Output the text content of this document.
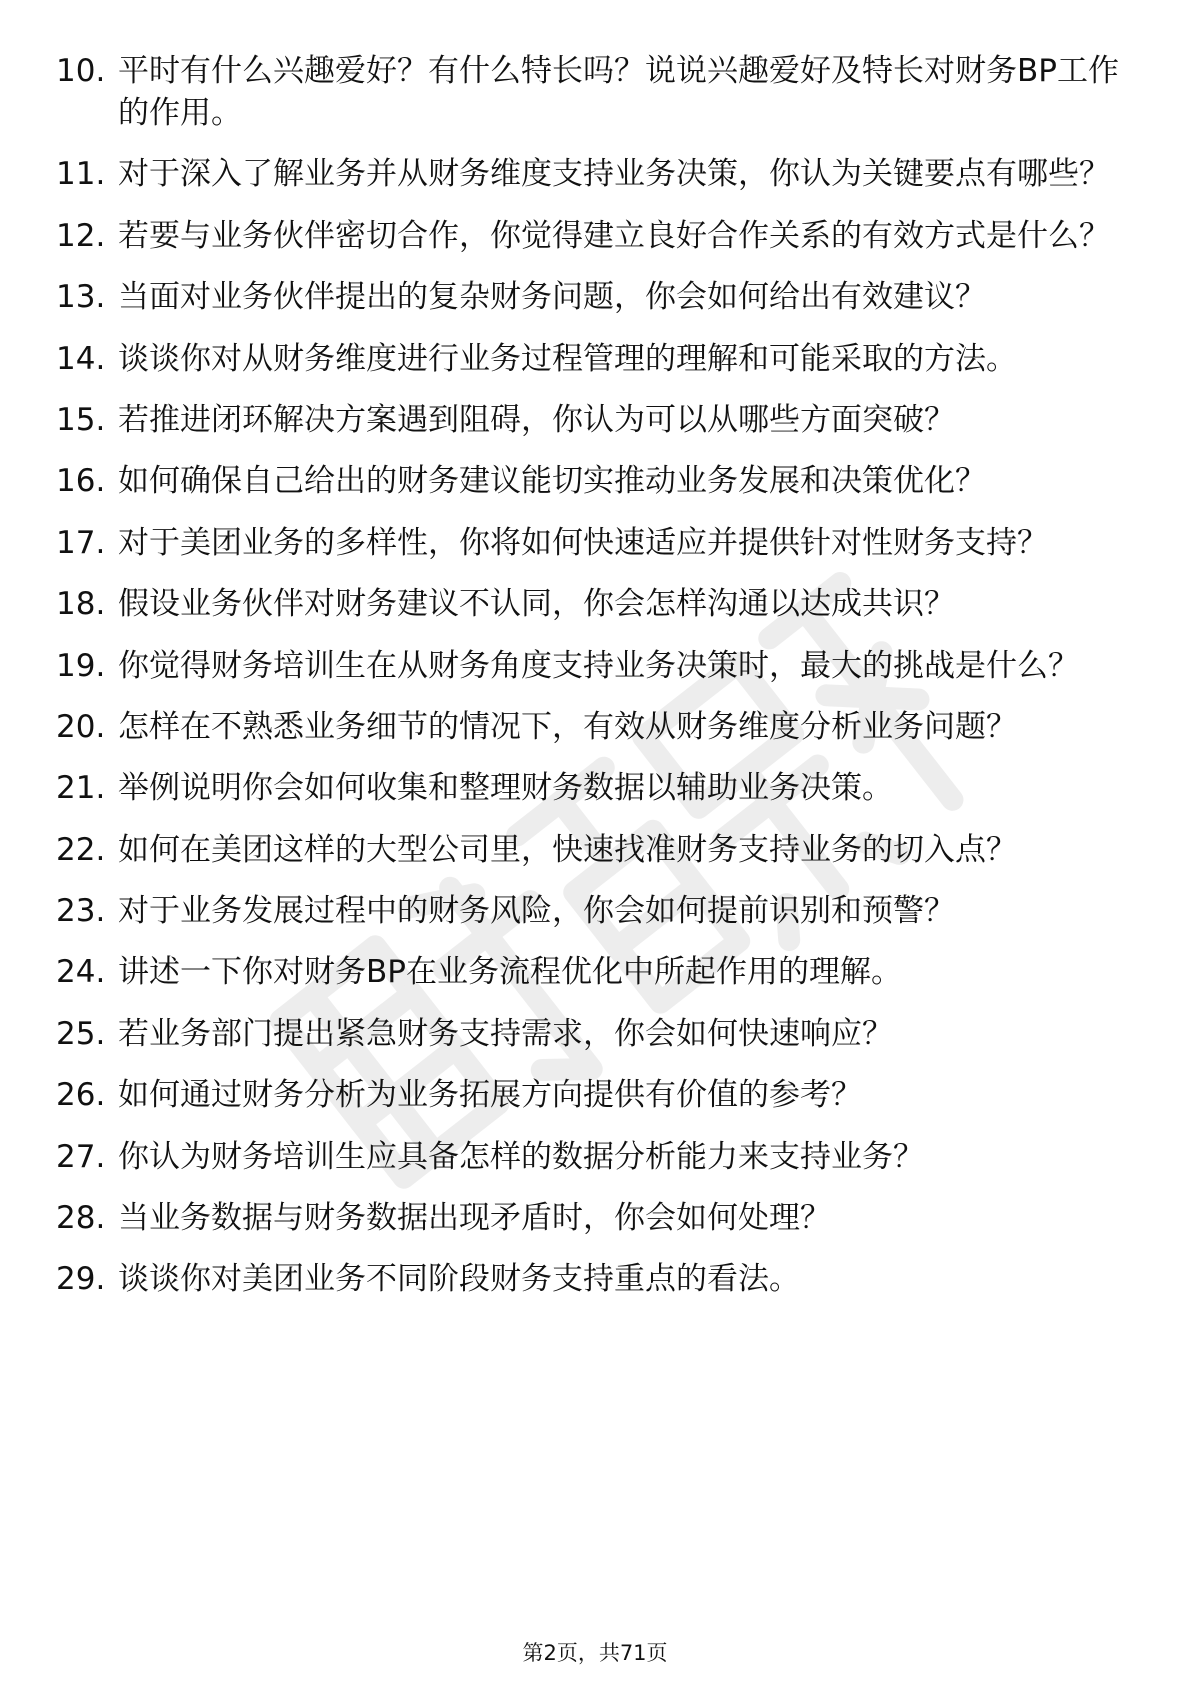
10. 平时有什么兴趣爱好？有什么特长吗？说说兴趣爱好及特长对财务BP工作的作用。
11. 对于深入了解业务并从财务维度支持业务决策，你认为关键要点有哪些？
12. 若要与业务伙伴密切合作，你觉得建立良好合作关系的有效方式是什么？
13. 当面对业务伙伴提出的复杂财务问题，你会如何给出有效建议？
14. 谈谈你对从财务维度进行业务过程管理的理解和可能采取的方法。
15. 若推进闭环解决方案遇到阻碍，你认为可以从哪些方面突破？
16. 如何确保自己给出的财务建议能切实推动业务发展和决策优化？
17. 对于美团业务的多样性，你将如何快速适应并提供针对性财务支持？
18. 假设业务伙伴对财务建议不认同，你会怎样沟通以达成共识？
19. 你觉得财务培训生在从财务角度支持业务决策时，最大的挑战是什么？
20. 怎样在不熟悉业务细节的情况下，有效从财务维度分析业务问题？
21. 举例说明你会如何收集和整理财务数据以辅助业务决策。
22. 如何在美团这样的大型公司里，快速找准财务支持业务的切入点？
23. 对于业务发展过程中的财务风险，你会如何提前识别和预警？
24. 讲述一下你对财务BP在业务流程优化中所起作用的理解。
25. 若业务部门提出紧急财务支持需求，你会如何快速响应？
26. 如何通过财务分析为业务拓展方向提供有价值的参考？
27. 你认为财务培训生应具备怎样的数据分析能力来支持业务？
28. 当业务数据与财务数据出现矛盾时，你会如何处理？
29. 谈谈你对美团业务不同阶段财务支持重点的看法。
第2页，共71页
